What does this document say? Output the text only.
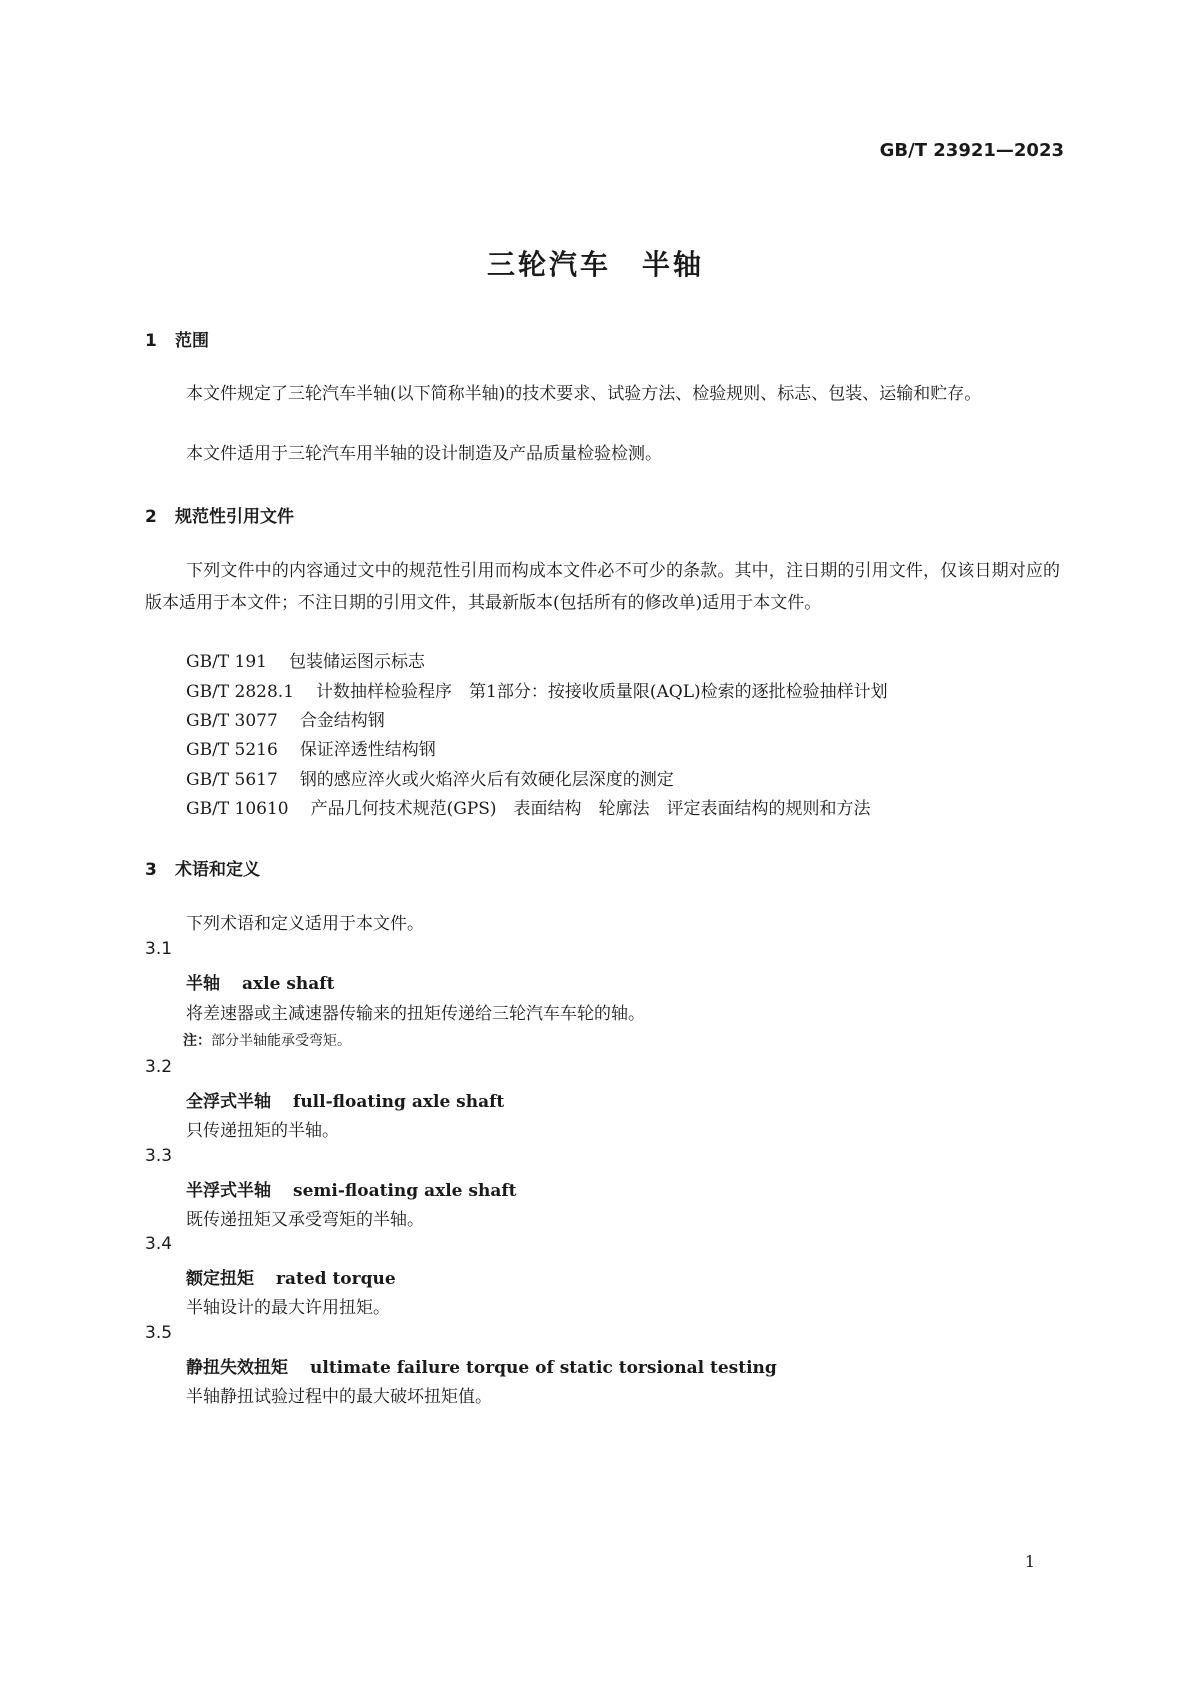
GB/T 23921—2023
三轮汽车　半轴
1 范围
本文件规定了三轮汽车半轴(以下简称半轴)的技术要求、试验方法、检验规则、标志、包装、运输和贮存。
本文件适用于三轮汽车用半轴的设计制造及产品质量检验检测。
2 规范性引用文件
下列文件中的内容通过文中的规范性引用而构成本文件必不可少的条款。其中，注日期的引用文件，仅该日期对应的版本适用于本文件；不注日期的引用文件，其最新版本(包括所有的修改单)适用于本文件。
GB/T 191 包装储运图示标志
GB/T 2828.1 计数抽样检验程序　第1部分：按接收质量限(AQL)检索的逐批检验抽样计划
GB/T 3077 合金结构钢
GB/T 5216 保证淬透性结构钢
GB/T 5617 钢的感应淬火或火焰淬火后有效硬化层深度的测定
GB/T 10610 产品几何技术规范(GPS)　表面结构　轮廓法　评定表面结构的规则和方法
3 术语和定义
下列术语和定义适用于本文件。
3.1
半轴 axle shaft
将差速器或主减速器传输来的扭矩传递给三轮汽车车轮的轴。
注：部分半轴能承受弯矩。
3.2
全浮式半轴 full-floating axle shaft
只传递扭矩的半轴。
3.3
半浮式半轴 semi-floating axle shaft
既传递扭矩又承受弯矩的半轴。
3.4
额定扭矩 rated torque
半轴设计的最大许用扭矩。
3.5
静扭失效扭矩 ultimate failure torque of static torsional testing
半轴静扭试验过程中的最大破坏扭矩值。
1
